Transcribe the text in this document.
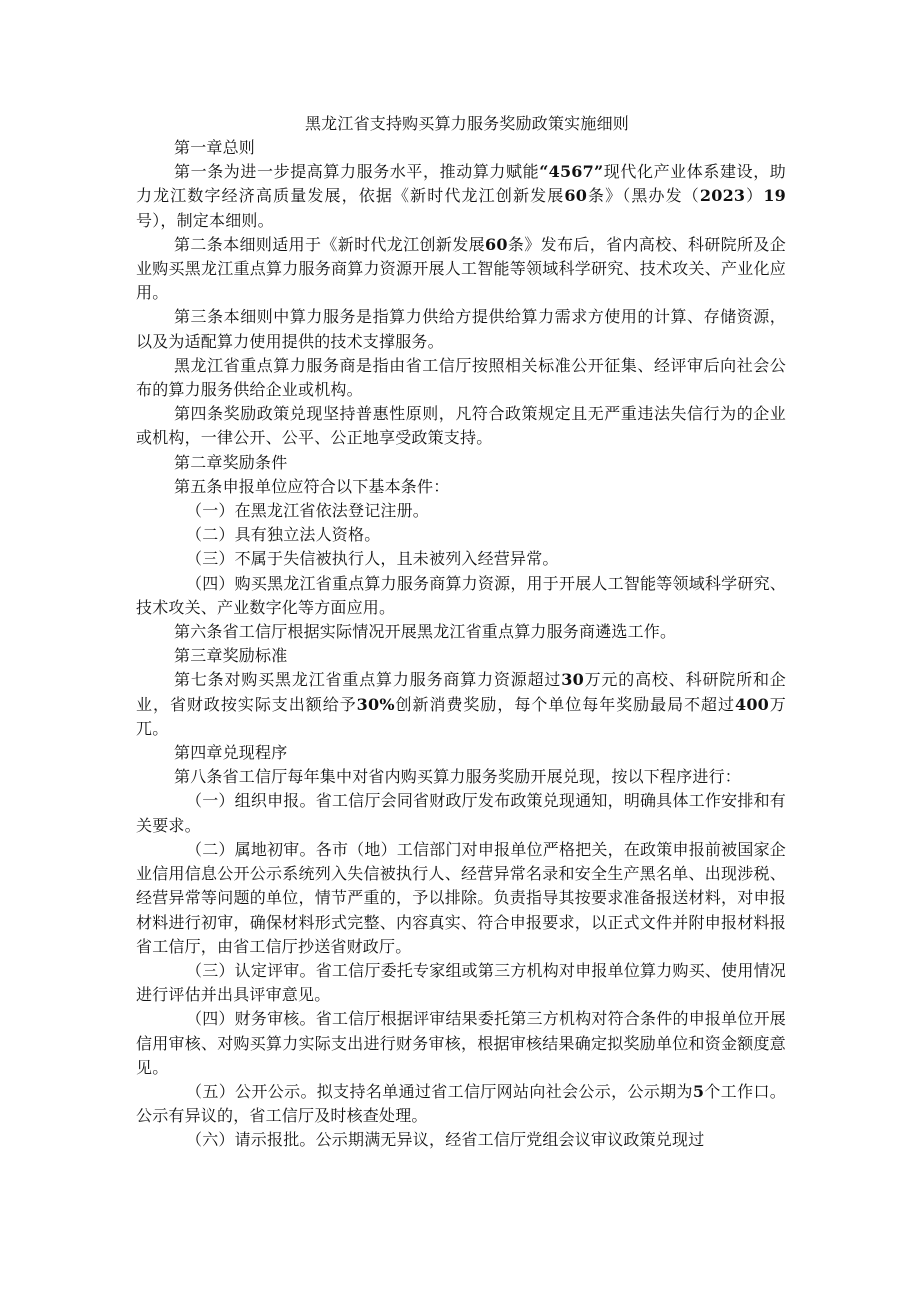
黑龙江省支持购买算力服务奖励政策实施细则

第一章总则

第一条为进一步提高算力服务水平，推动算力赋能“4567”现代化产业体系建设，助力龙江数字经济高质量发展，依据《新时代龙江创新发展60条》（黑办发（2023）19号），制定本细则。

第二条本细则适用于《新时代龙江创新发展60条》发布后，省内高校、科研院所及企业购买黑龙江重点算力服务商算力资源开展人工智能等领域科学研究、技术攻关、产业化应用。

第三条本细则中算力服务是指算力供给方提供给算力需求方使用的计算、存储资源，以及为适配算力使用提供的技术支撑服务。

黑龙江省重点算力服务商是指由省工信厅按照相关标准公开征集、经评审后向社会公布的算力服务供给企业或机构。

第四条奖励政策兑现坚持普惠性原则，凡符合政策规定且无严重违法失信行为的企业或机构，一律公开、公平、公正地享受政策支持。

第二章奖励条件

第五条申报单位应符合以下基本条件：

（一）在黑龙江省依法登记注册。

（二）具有独立法人资格。

（三）不属于失信被执行人，且未被列入经营异常。

（四）购买黑龙江省重点算力服务商算力资源，用于开展人工智能等领域科学研究、技术攻关、产业数字化等方面应用。

第六条省工信厅根据实际情况开展黑龙江省重点算力服务商遴选工作。

第三章奖励标准

第七条对购买黑龙江省重点算力服务商算力资源超过30万元的高校、科研院所和企业，省财政按实际支出额给予30%创新消费奖励，每个单位每年奖励最局不超过400万兀。

第四章兑现程序

第八条省工信厅每年集中对省内购买算力服务奖励开展兑现，按以下程序进行：

（一）组织申报。省工信厅会同省财政厅发布政策兑现通知，明确具体工作安排和有关要求。

（二）属地初审。各市（地）工信部门对申报单位严格把关，在政策申报前被国家企业信用信息公开公示系统列入失信被执行人、经营异常名录和安全生产黑名单、出现涉税、经营异常等问题的单位，情节严重的，予以排除。负责指导其按要求准备报送材料，对申报材料进行初审，确保材料形式完整、内容真实、符合申报要求，以正式文件并附申报材料报省工信厅，由省工信厅抄送省财政厅。

（三）认定评审。省工信厅委托专家组或第三方机构对申报单位算力购买、使用情况进行评估并出具评审意见。

（四）财务审核。省工信厅根据评审结果委托第三方机构对符合条件的申报单位开展信用审核、对购买算力实际支出进行财务审核，根据审核结果确定拟奖励单位和资金额度意见。

（五）公开公示。拟支持名单通过省工信厅网站向社会公示，公示期为5个工作口。公示有异议的，省工信厅及时核查处理。

（六）请示报批。公示期满无异议，经省工信厅党组会议审议政策兑现过
